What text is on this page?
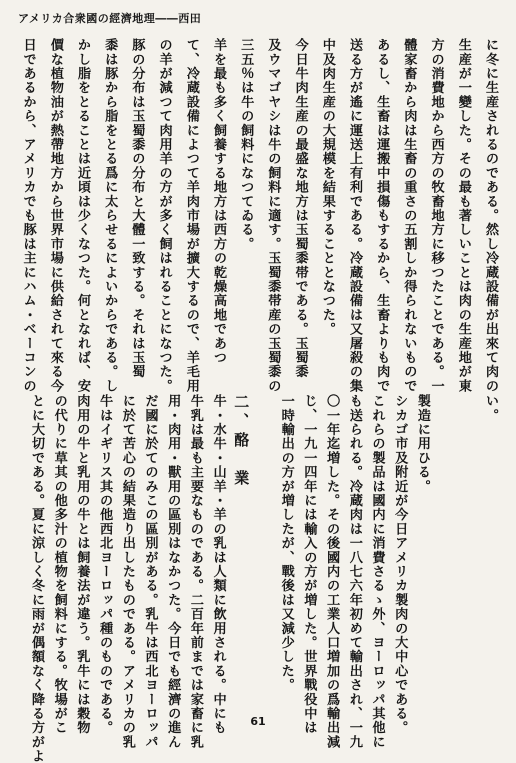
アメリカ合衆國の經濟地理――西田
に冬に生産されるのである。然し冷蔵設備が出來て肉の
生産が一變した。その最も著しいことは肉の生産地が東
方の消費地から西方の牧畜地方に移つたことである。一
體家畜から肉は生畜の重さの五割しか得られないもので
あるし、生畜は運搬中損傷もするから、生畜よりも肉で
送る方が遙に運送上有利である。冷蔵設備は又屠殺の集
中及肉生産の大規模を結果することとなつた。
今日牛肉生産の最盛な地方は玉蜀黍帯である。玉蜀黍
及ウマゴヤシは牛の飼料に適す。玉蜀黍帯産の玉蜀黍の
三五％は牛の飼料になつてゐる。
羊を最も多く飼養する地方は西方の乾燥高地であつ
て、冷蔵設備によつて羊肉市場が擴大するので、羊毛用
の羊が減つて肉用羊の方が多く飼はれることになつた。
豚の分布は玉蜀黍の分布と大體一致する。それは玉蜀
黍は豚から脂をとる爲に太らせるによいからである。し
かし脂をとることは近頃は少くなつた。何となれば、安
價な植物油が熱帶地方から世界市場に供給されて來る今
日であるから、アメリカでも豚は主にハム・ベーコンの
い。
製造に用ひる。
シカゴ市及附近が今日アメリカ製肉の大中心である。
これらの製品は國内に消費さるゝ外、ヨーロッパ其他に
も送られる。冷蔵肉は一八七六年初めて輸出され、一九
〇一年迄増した。その後國内の工業人口増加の爲輸出減
じ、一九一四年には輸入の方が増した。世界戰役中は
一時輸出の方が増したが、戰後は又減少した。
二、酪　業
牛・水牛・山羊・羊の乳は人類に飲用される。中にも
牛乳は最も主要なものである。二百年前までは家畜に乳
用・肉用・獸用の區別はなかつた。今日でも經濟の進ん
だ國に於てのみこの區別がある。乳牛は西北ヨーロッパ
に於て苦心の結果造り出したものである。アメリカの乳
牛はイギリス其の他西北ヨーロッパ種のものである。
肉用の牛と乳用の牛とは飼養法が違う。乳牛には穀物
の代りに草其の他多汁の植物を飼料にする。牧場がこ
とに大切である。夏に涼しく冬に雨が偶額なく降る方がよ	61
